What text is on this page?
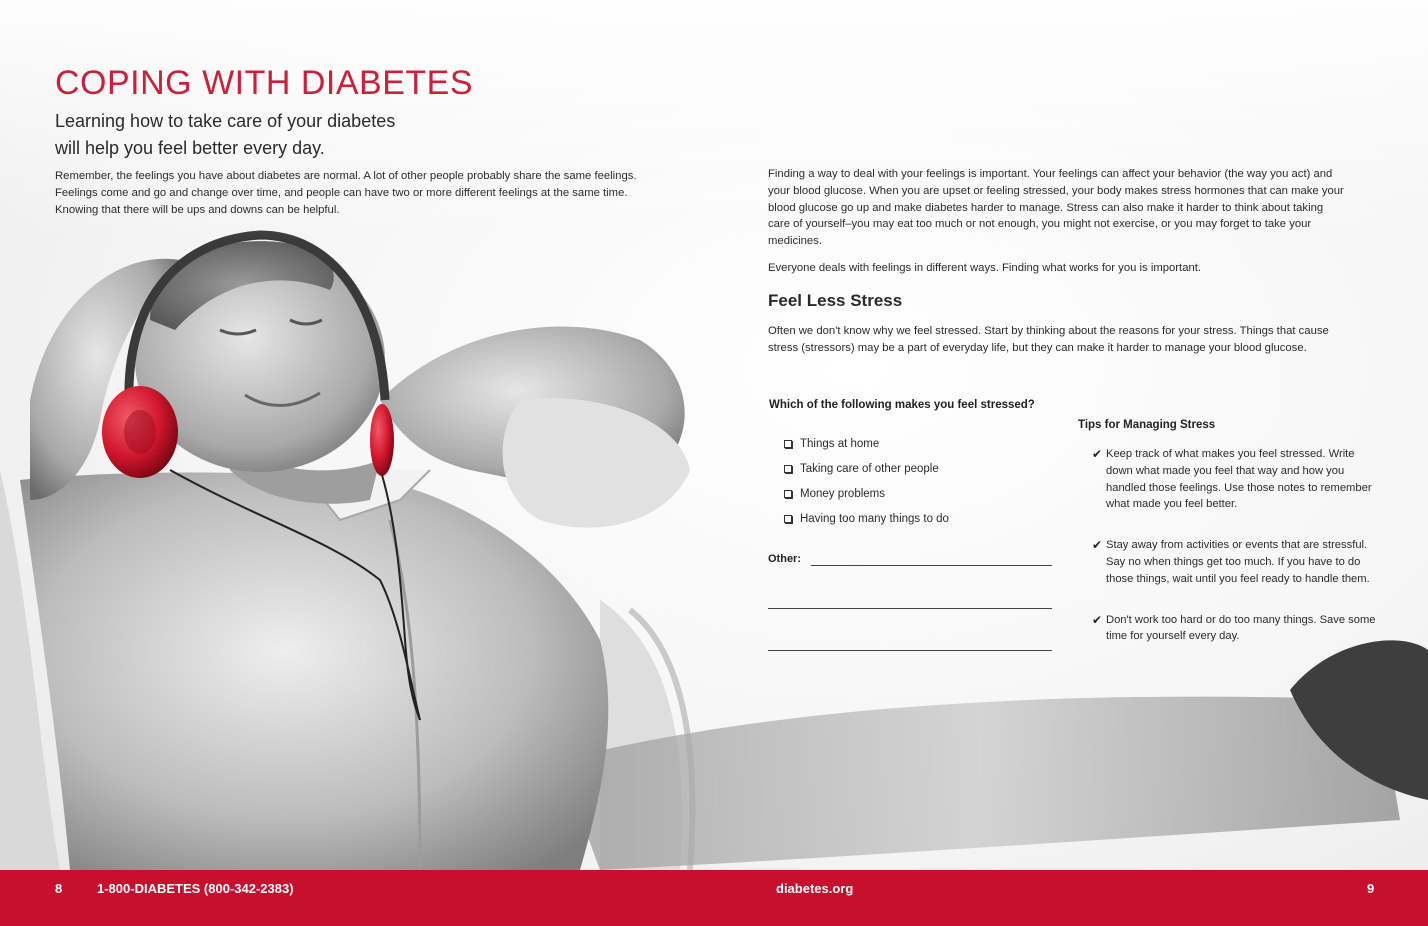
COPING WITH DIABETES
Learning how to take care of your diabetes
will help you feel better every day.

Remember, the feelings you have about diabetes are normal. A lot of other people probably share the same feelings. Feelings come and go and change over time, and people can have two or more different feelings at the same time. Knowing that there will be ups and downs can be helpful.

Finding a way to deal with your feelings is important. Your feelings can affect your behavior (the way you act) and your blood glucose. When you are upset or feeling stressed, your body makes stress hormones that can make your blood glucose go up and make diabetes harder to manage. Stress can also make it harder to think about taking care of yourself–you may eat too much or not enough, you might not exercise, or you may forget to take your medicines.

Everyone deals with feelings in different ways. Finding what works for you is important.

Feel Less Stress

Often we don't know why we feel stressed. Start by thinking about the reasons for your stress. Things that cause stress (stressors) may be a part of everyday life, but they can make it harder to manage your blood glucose.

Which of the following makes you feel stressed?
Things at home
Taking care of other people
Money problems
Having too many things to do
Other:
Tips for Managing Stress
✔ Keep track of what makes you feel stressed. Write down what made you feel that way and how you handled those feelings. Use those notes to remember what made you feel better.
✔ Stay away from activities or events that are stressful. Say no when things get too much. If you have to do those things, wait until you feel ready to handle them.
✔ Don't work too hard or do too many things. Save some time for yourself every day.
8	1-800-DIABETES (800-342-2383)	diabetes.org	9
